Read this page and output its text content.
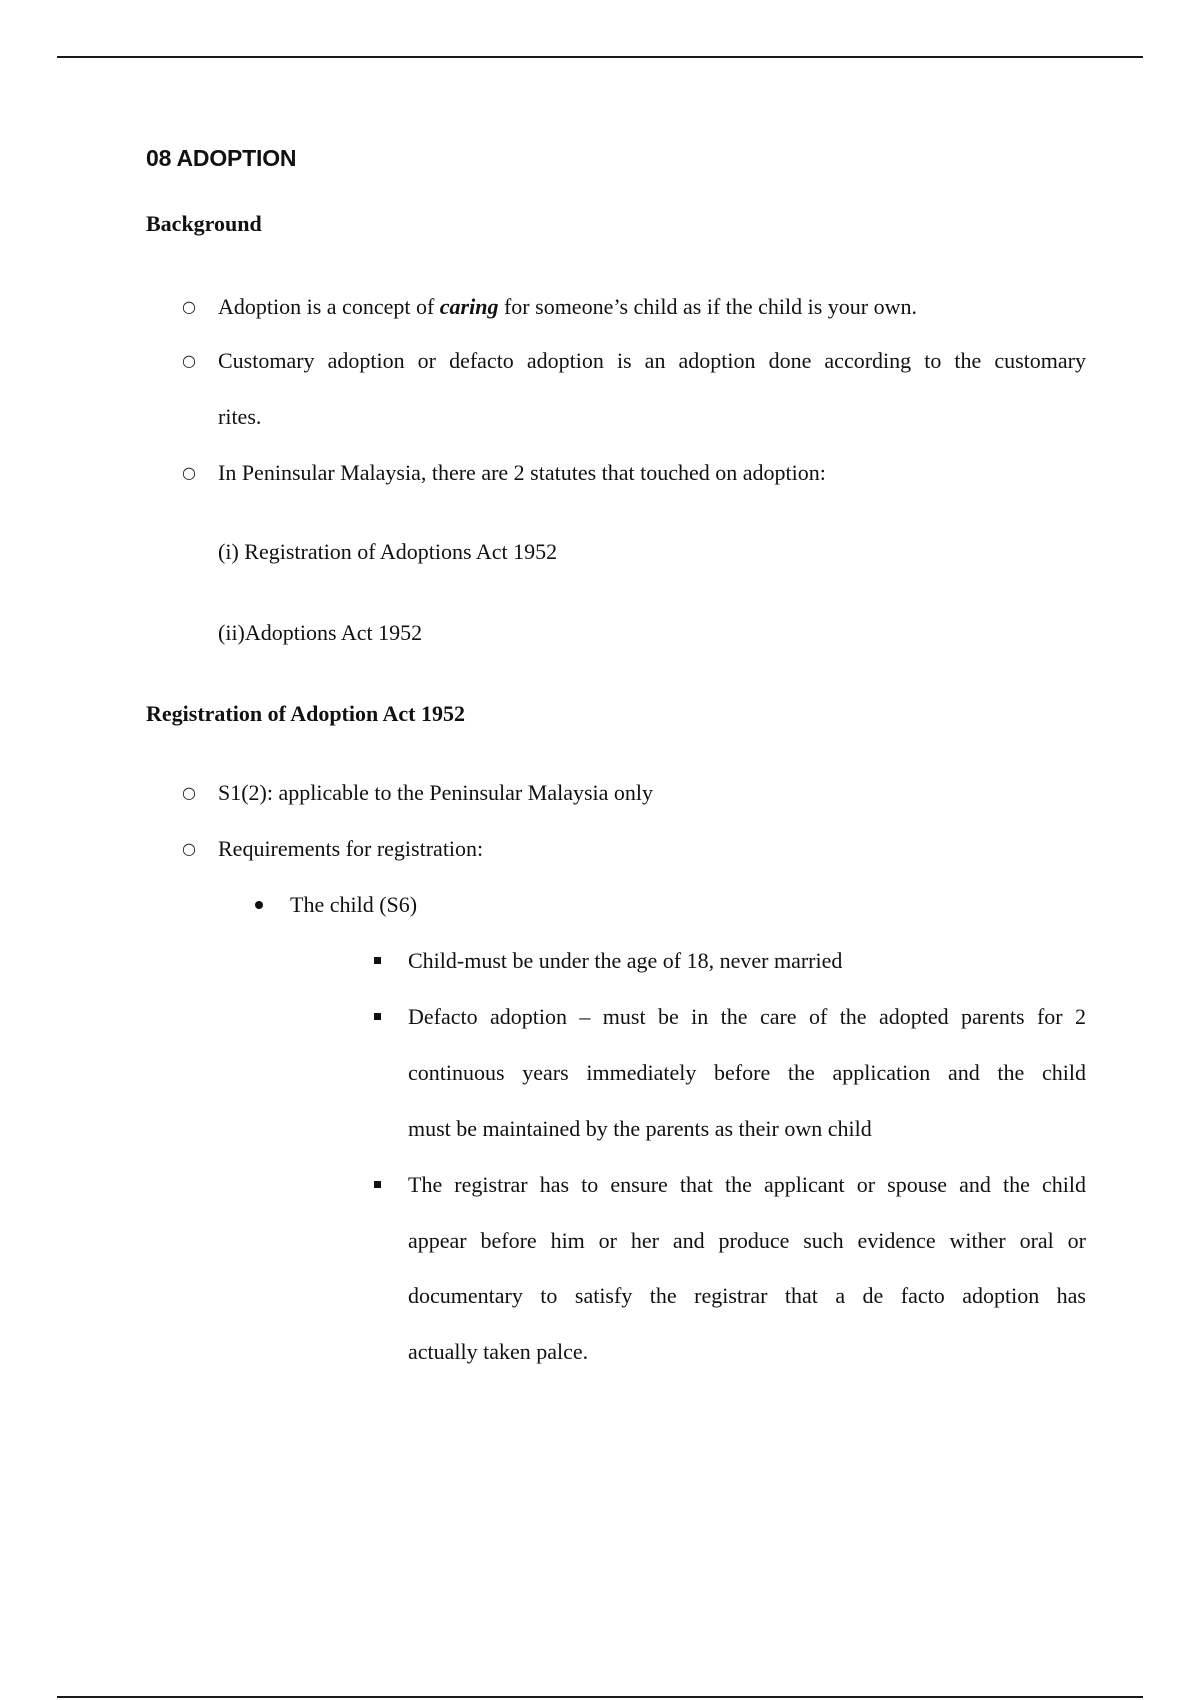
08 ADOPTION
Background
○ Adoption is a concept of caring for someone’s child as if the child is your own.
○ Customary adoption or defacto adoption is an adoption done according to the customary
rites.
○ In Peninsular Malaysia, there are 2 statutes that touched on adoption:
(i) Registration of Adoptions Act 1952
(ii)Adoptions Act 1952
Registration of Adoption Act 1952
○ S1(2): applicable to the Peninsular Malaysia only
○ Requirements for registration:
The child (S6)
Child-must be under the age of 18, never married
Defacto adoption – must be in the care of the adopted parents for 2
continuous years immediately before the application and the child
must be maintained by the parents as their own child
The registrar has to ensure that the applicant or spouse and the child
appear before him or her and produce such evidence wither oral or
documentary to satisfy the registrar that a de facto adoption has
actually taken palce.
